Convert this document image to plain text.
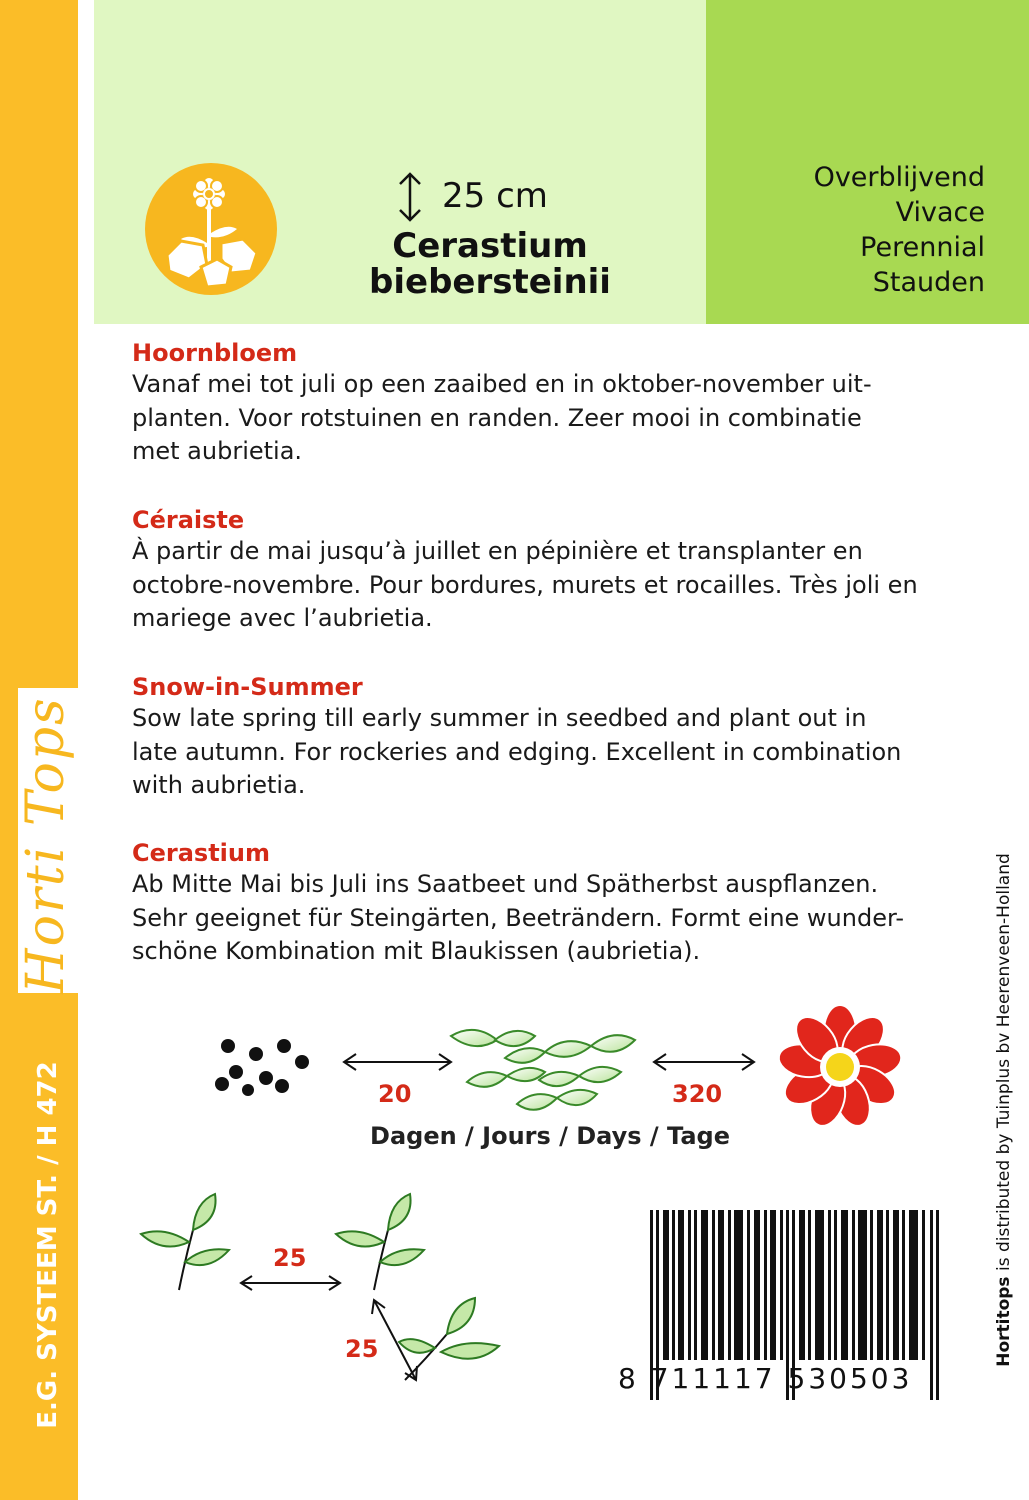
Horti Tops
E.G. SYSTEEM ST. / H 472
25 cm
Cerastium
biebersteinii
Overblijvend
Vivace
Perennial
Stauden
Hoornbloem
Vanaf mei tot juli op een zaaibed en in oktober-november uit-
planten. Voor rotstuinen en randen. Zeer mooi in combinatie
met aubrietia.
Céraiste
À partir de mai jusqu’à juillet en pépinière et transplanter en
octobre-novembre. Pour bordures, murets et rocailles. Très joli en
mariege avec l’aubrietia.
Snow-in-Summer
Sow late spring till early summer in seedbed and plant out in
late autumn. For rockeries and edging. Excellent in combination
with aubrietia.
Cerastium
Ab Mitte Mai bis Juli ins Saatbeet und Spätherbst auspflanzen.
Sehr geeignet für Steingärten, Beeträndern. Formt eine wunder-
schöne Kombination mit Blaukissen (aubrietia).
Hortitops is distributed by Tuinplus bv Heerenveen-Holland
20	320
Dagen / Jours / Days / Tage
25
25
8 711117 530503
